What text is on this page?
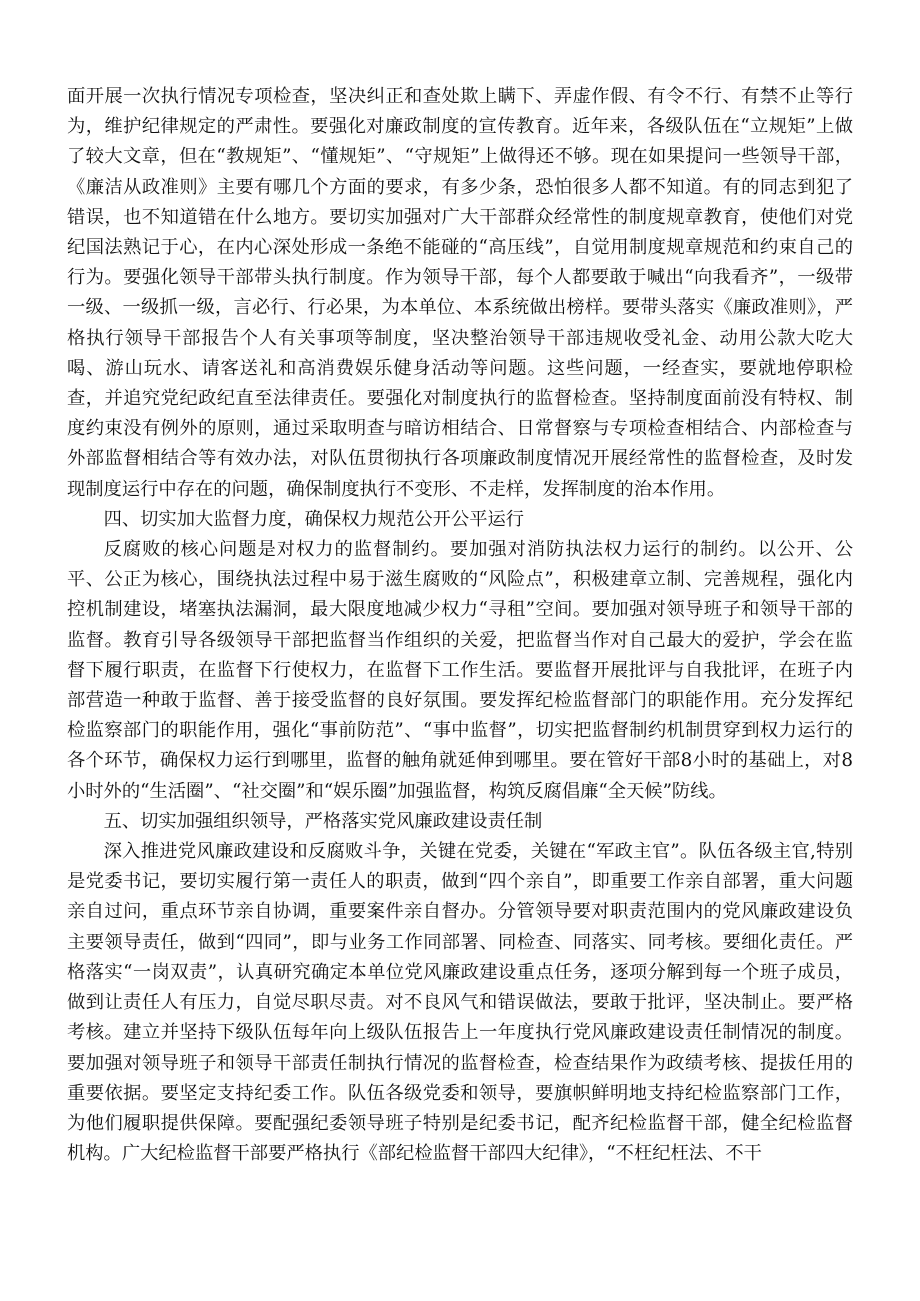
面开展一次执行情况专项检查，坚决纠正和查处欺上瞒下、弄虚作假、有令不行、有禁不止等行为，维护纪律规定的严肃性。要强化对廉政制度的宣传教育。近年来，各级队伍在“立规矩”上做了较大文章，但在“教规矩”、“懂规矩”、“守规矩”上做得还不够。现在如果提问一些领导干部，《廉洁从政准则》主要有哪几个方面的要求，有多少条，恐怕很多人都不知道。有的同志到犯了错误，也不知道错在什么地方。要切实加强对广大干部群众经常性的制度规章教育，使他们对党纪国法熟记于心，在内心深处形成一条绝不能碰的“高压线”，自觉用制度规章规范和约束自己的行为。要强化领导干部带头执行制度。作为领导干部，每个人都要敢于喊出“向我看齐”，一级带一级、一级抓一级，言必行、行必果，为本单位、本系统做出榜样。要带头落实《廉政准则》，严格执行领导干部报告个人有关事项等制度，坚决整治领导干部违规收受礼金、动用公款大吃大喝、游山玩水、请客送礼和高消费娱乐健身活动等问题。这些问题，一经查实，要就地停职检查，并追究党纪政纪直至法律责任。要强化对制度执行的监督检查。坚持制度面前没有特权、制度约束没有例外的原则，通过采取明查与暗访相结合、日常督察与专项检查相结合、内部检查与外部监督相结合等有效办法，对队伍贯彻执行各项廉政制度情况开展经常性的监督检查，及时发现制度运行中存在的问题，确保制度执行不变形、不走样，发挥制度的治本作用。

四、切实加大监督力度，确保权力规范公开公平运行

反腐败的核心问题是对权力的监督制约。要加强对消防执法权力运行的制约。以公开、公平、公正为核心，围绕执法过程中易于滋生腐败的“风险点”，积极建章立制、完善规程，强化内控机制建设，堵塞执法漏洞，最大限度地减少权力“寻租”空间。要加强对领导班子和领导干部的监督。教育引导各级领导干部把监督当作组织的关爱，把监督当作对自己最大的爱护，学会在监督下履行职责，在监督下行使权力，在监督下工作生活。要监督开展批评与自我批评，在班子内部营造一种敢于监督、善于接受监督的良好氛围。要发挥纪检监督部门的职能作用。充分发挥纪检监察部门的职能作用，强化“事前防范”、“事中监督”，切实把监督制约机制贯穿到权力运行的各个环节，确保权力运行到哪里，监督的触角就延伸到哪里。要在管好干部8小时的基础上，对8小时外的“生活圈”、“社交圈”和“娱乐圈”加强监督，构筑反腐倡廉“全天候”防线。

五、切实加强组织领导，严格落实党风廉政建设责任制

深入推进党风廉政建设和反腐败斗争，关键在党委，关键在“军政主官”。队伍各级主官,特别是党委书记，要切实履行第一责任人的职责，做到“四个亲自”，即重要工作亲自部署，重大问题亲自过问，重点环节亲自协调，重要案件亲自督办。分管领导要对职责范围内的党风廉政建设负主要领导责任，做到“四同”，即与业务工作同部署、同检查、同落实、同考核。要细化责任。严格落实“一岗双责”，认真研究确定本单位党风廉政建设重点任务，逐项分解到每一个班子成员，做到让责任人有压力，自觉尽职尽责。对不良风气和错误做法，要敢于批评，坚决制止。要严格考核。建立并坚持下级队伍每年向上级队伍报告上一年度执行党风廉政建设责任制情况的制度。要加强对领导班子和领导干部责任制执行情况的监督检查，检查结果作为政绩考核、提拔任用的重要依据。要坚定支持纪委工作。队伍各级党委和领导，要旗帜鲜明地支持纪检监察部门工作，为他们履职提供保障。要配强纪委领导班子特别是纪委书记，配齐纪检监督干部，健全纪检监督机构。广大纪检监督干部要严格执行《部纪检监督干部四大纪律》，“不枉纪枉法、不干
